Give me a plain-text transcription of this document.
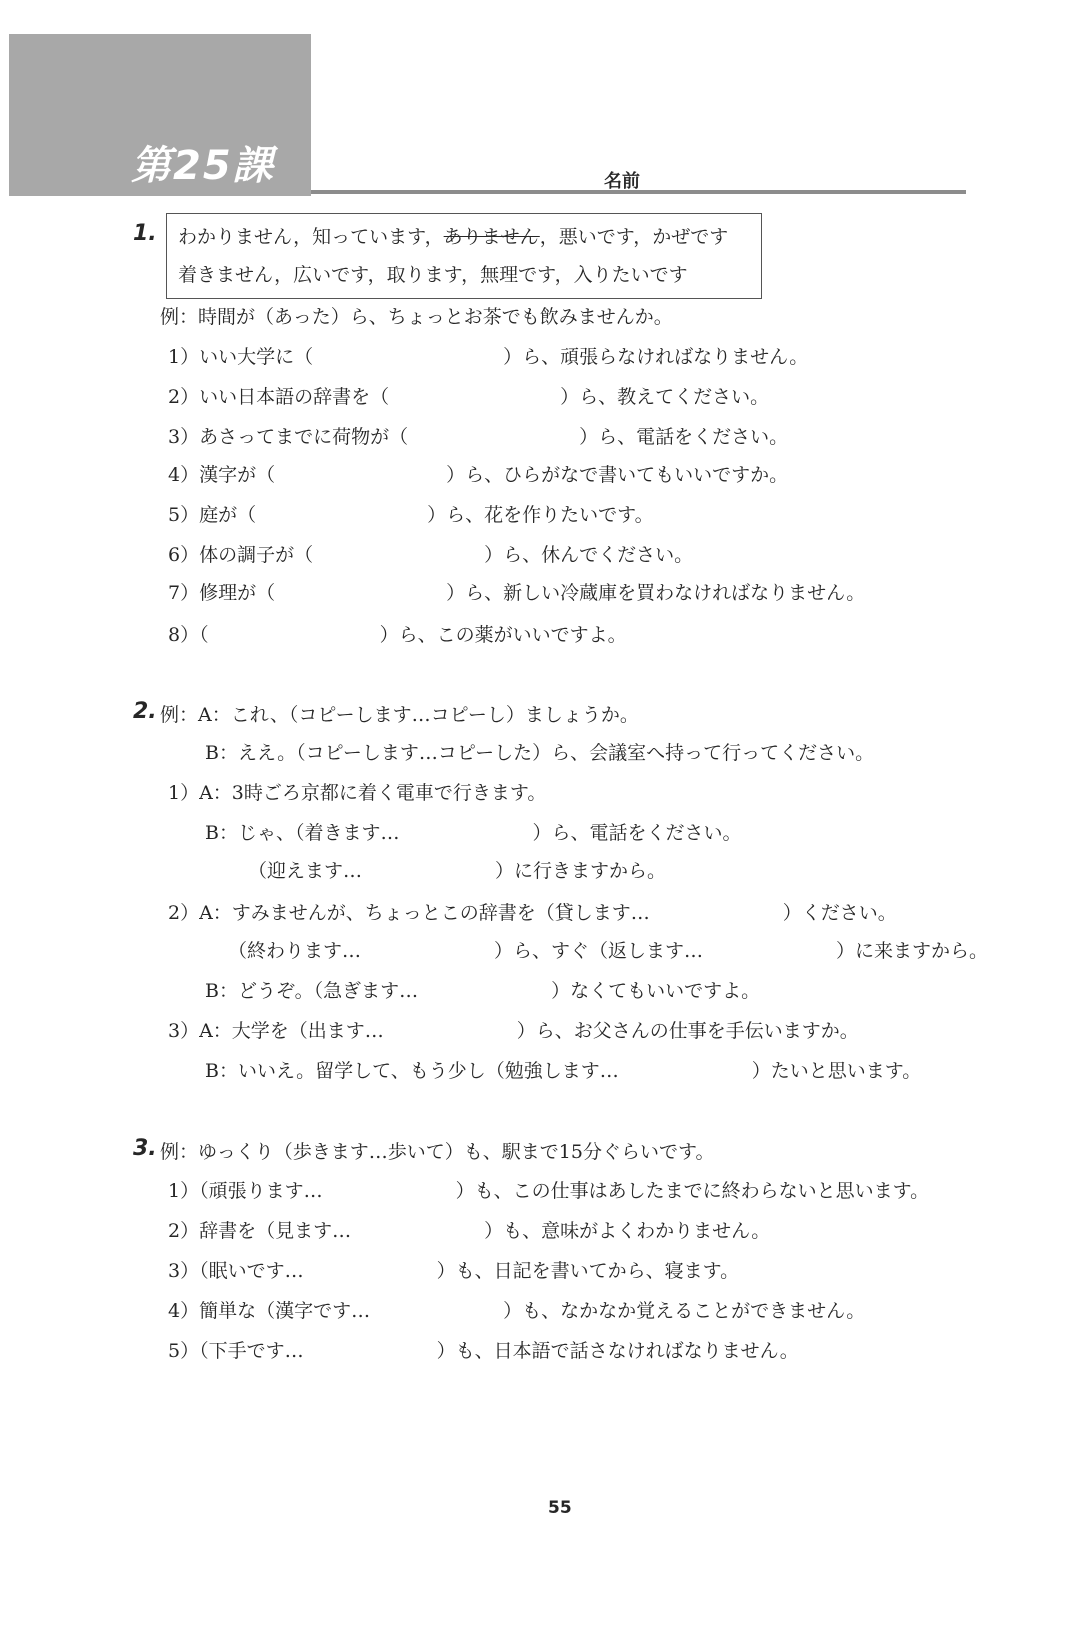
第25課	名前
1. わかりません，知っています，ありません，悪いです，かぜです
着きません，広いです，取ります，無理です，入りたいです
例：時間が（あった）ら、ちょっとお茶でも飲みませんか。
1）いい大学に（　　　　　　　　　　）ら、頑張らなければなりません。
2）いい日本語の辞書を（　　　　　　　　　）ら、教えてください。
3）あさってまでに荷物が（　　　　　　　　　）ら、電話をください。
4）漢字が（　　　　　　　　　）ら、ひらがなで書いてもいいですか。
5）庭が（　　　　　　　　　）ら、花を作りたいです。
6）体の調子が（　　　　　　　　　）ら、休んでください。
7）修理が（　　　　　　　　　）ら、新しい冷蔵庫を買わなければなりません。
8）（　　　　　　　　　）ら、この薬がいいですよ。
2. 例：A：これ、（コピーします…コピーし）ましょうか。
B：ええ。（コピーします…コピーした）ら、会議室へ持って行ってください。
1）A：3時ごろ京都に着く電車で行きます。
B：じゃ、（着きます…　　　　　　　）ら、電話をください。
（迎えます…　　　　　　　）に行きますから。
2）A：すみませんが、ちょっとこの辞書を（貸します…　　　　　　　）ください。
（終わります…　　　　　　　）ら、すぐ（返します…　　　　　　　）に来ますから。
B：どうぞ。（急ぎます…　　　　　　　）なくてもいいですよ。
3）A：大学を（出ます…　　　　　　　）ら、お父さんの仕事を手伝いますか。
B：いいえ。留学して、もう少し（勉強します…　　　　　　　）たいと思います。
3. 例：ゆっくり（歩きます…歩いて）も、駅まで15分ぐらいです。
1）（頑張ります…　　　　　　　）も、この仕事はあしたまでに終わらないと思います。
2）辞書を（見ます…　　　　　　　）も、意味がよくわかりません。
3）（眠いです…　　　　　　　）も、日記を書いてから、寝ます。
4）簡単な（漢字です…　　　　　　　）も、なかなか覚えることができません。
5）（下手です…　　　　　　　）も、日本語で話さなければなりません。
55
